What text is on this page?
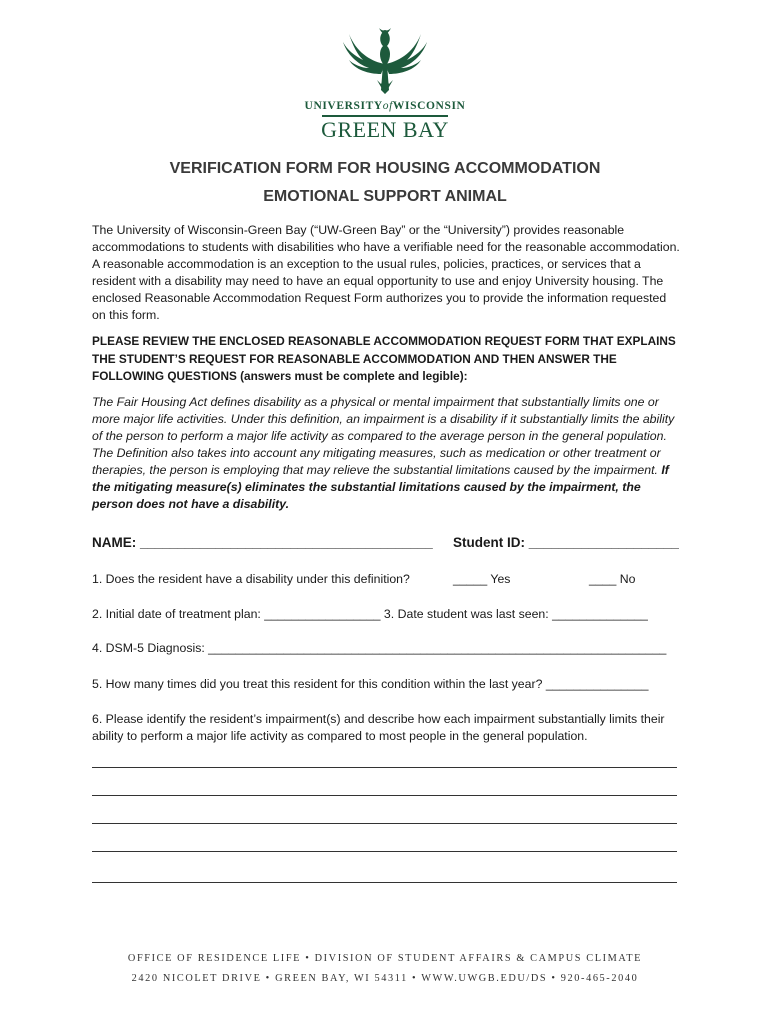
UNIVERSITYofWISCONSIN
GREEN BAY
VERIFICATION FORM FOR HOUSING ACCOMMODATION
EMOTIONAL SUPPORT ANIMAL
The University of Wisconsin-Green Bay (“UW-Green Bay” or the “University”) provides reasonable accommodations to students with disabilities who have a verifiable need for the reasonable accommodation. A reasonable accommodation is an exception to the usual rules, policies, practices, or services that a resident with a disability may need to have an equal opportunity to use and enjoy University housing. The enclosed Reasonable Accommodation Request Form authorizes you to provide the information requested on this form.
PLEASE REVIEW THE ENCLOSED REASONABLE ACCOMMODATION REQUEST FORM THAT EXPLAINS THE STUDENT’S REQUEST FOR REASONABLE ACCOMMODATION AND THEN ANSWER THE FOLLOWING QUESTIONS (answers must be complete and legible):
The Fair Housing Act defines disability as a physical or mental impairment that substantially limits one or more major life activities. Under this definition, an impairment is a disability if it substantially limits the ability of the person to perform a major life activity as compared to the average person in the general population. The Definition also takes into account any mitigating measures, such as medication or other treatment or therapies, the person is employing that may relieve the substantial limitations caused by the impairment. If the mitigating measure(s) eliminates the substantial limitations caused by the impairment, the person does not have a disability.
NAME: _______________________________________ Student ID: ____________________
1. Does the resident have a disability under this definition?	_____ Yes	____ No
2. Initial date of treatment plan: _________________ 3. Date student was last seen: ______________
4. DSM-5 Diagnosis: ___________________________________________________________________
5. How many times did you treat this resident for this condition within the last year? _______________
6. Please identify the resident’s impairment(s) and describe how each impairment substantially limits their ability to perform a major life activity as compared to most people in the general population.
OFFICE OF RESIDENCE LIFE • DIVISION OF STUDENT AFFAIRS & CAMPUS CLIMATE
2420 NICOLET DRIVE • GREEN BAY, WI 54311 • WWW.UWGB.EDU/DS • 920-465-2040
